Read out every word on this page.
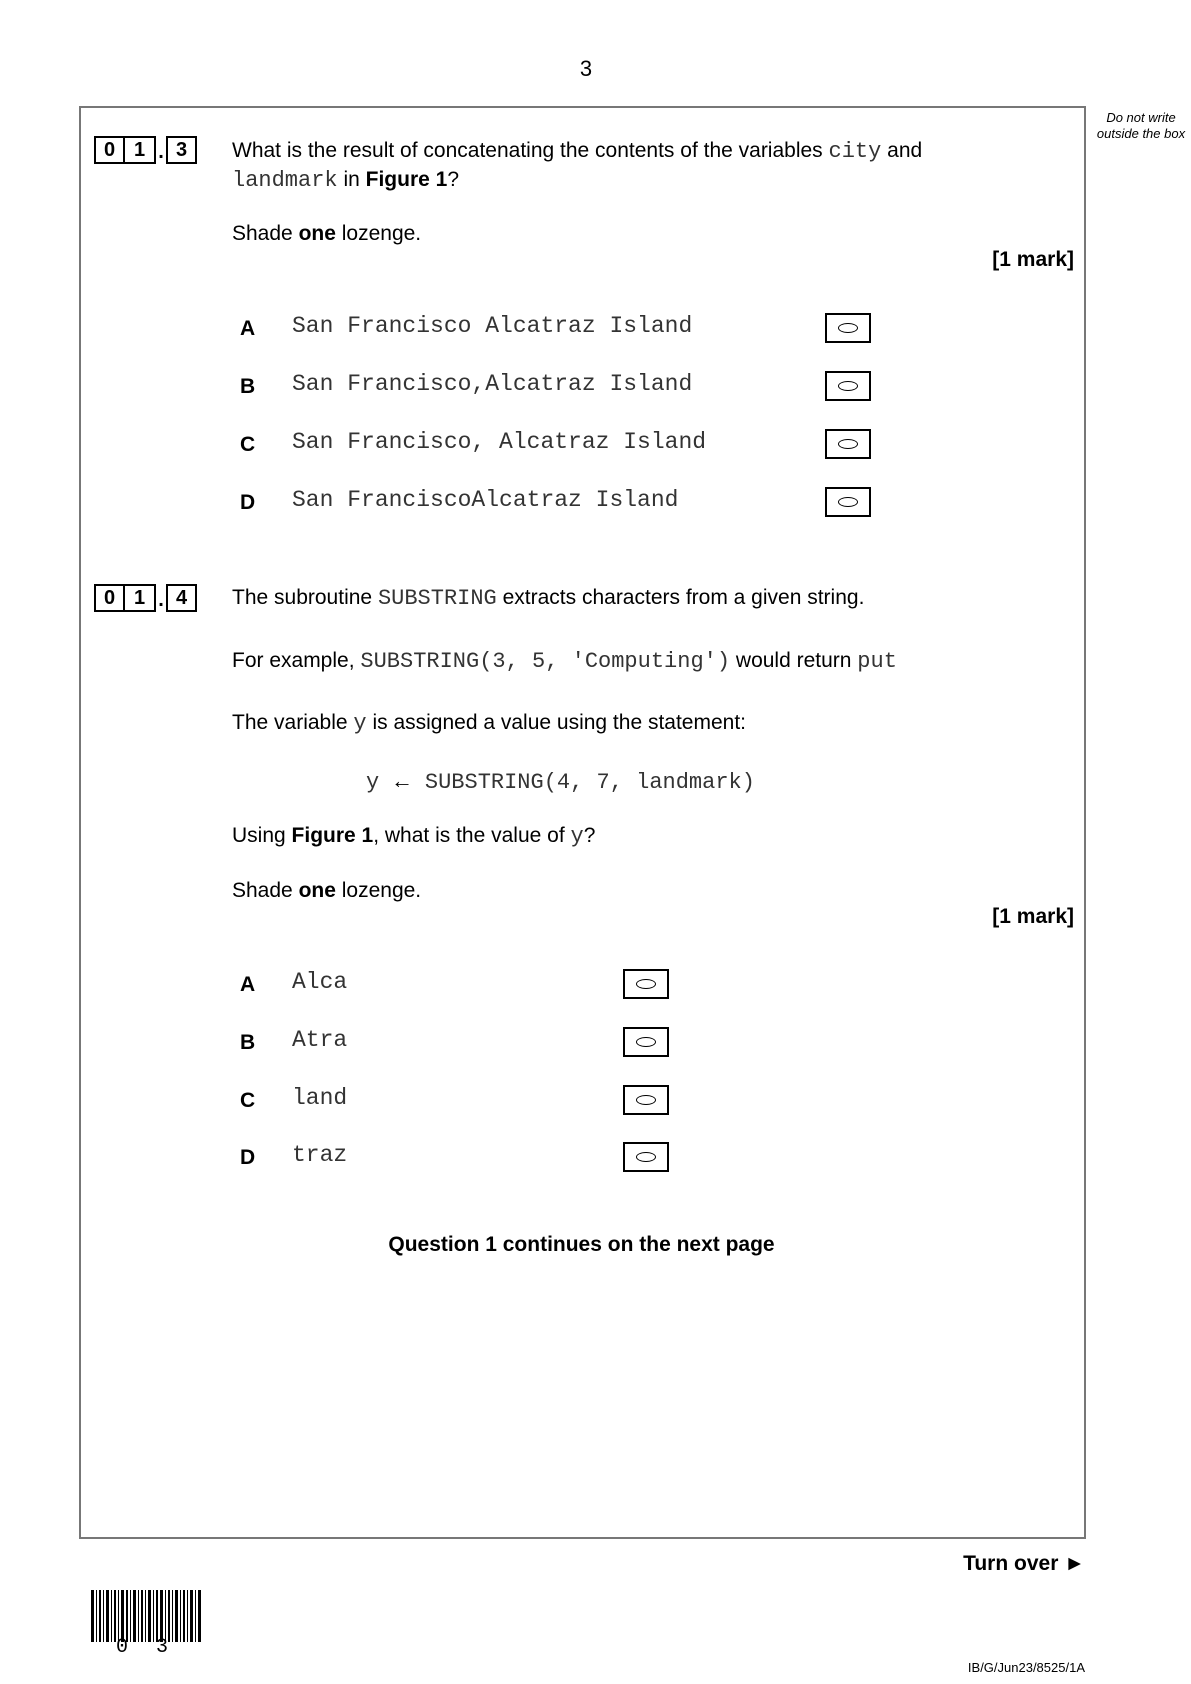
3
Do not write outside the box
0 1 . 3	What is the result of concatenating the contents of the variables city and
landmark in Figure 1?
Shade one lozenge.
[1 mark]
A San Francisco Alcatraz Island
B San Francisco,Alcatraz Island
C San Francisco, Alcatraz Island
D San FranciscoAlcatraz Island
0 1 . 4	The subroutine SUBSTRING extracts characters from a given string.
For example, SUBSTRING(3, 5, 'Computing') would return put
The variable y is assigned a value using the statement:
y ← SUBSTRING(4, 7, landmark)
Using Figure 1, what is the value of y?
Shade one lozenge.
[1 mark]
A Alca
B Atra
C land
D traz
Question 1 continues on the next page
Turn over ►
0 3
IB/G/Jun23/8525/1A
